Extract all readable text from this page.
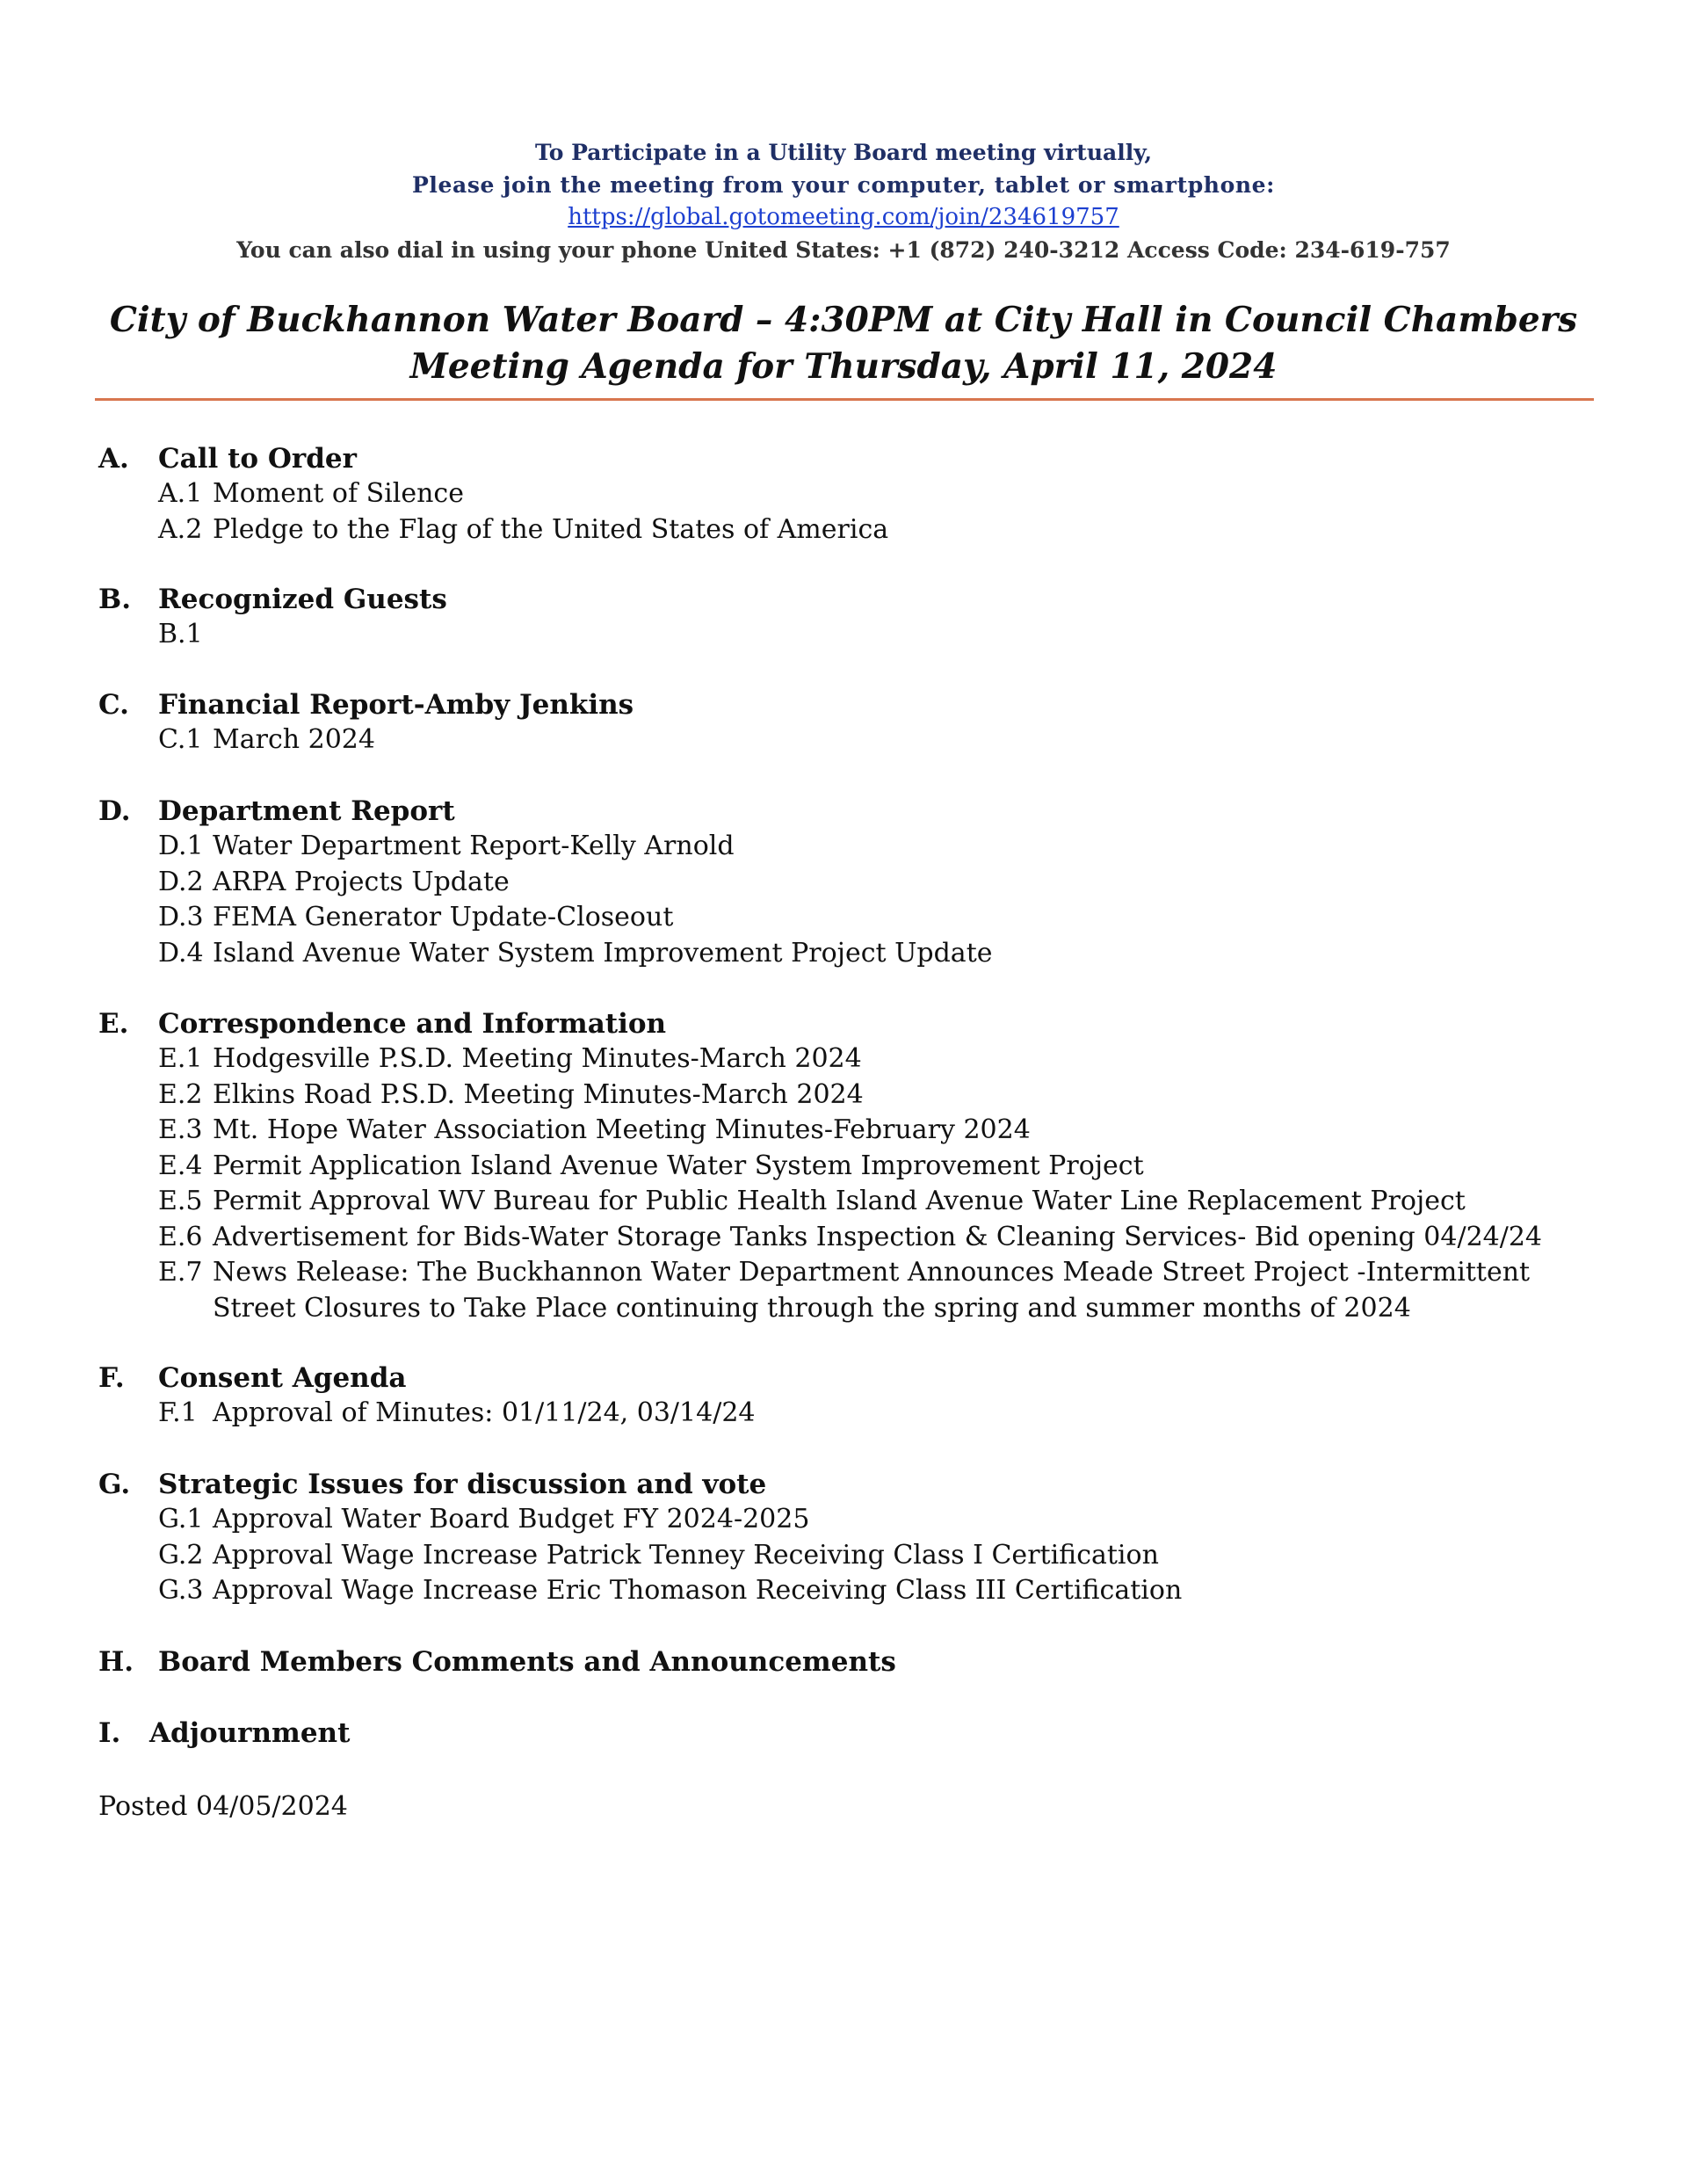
To Participate in a Utility Board meeting virtually,
Please join the meeting from your computer, tablet or smartphone:
https://global.gotomeeting.com/join/234619757
You can also dial in using your phone United States: +1 (872) 240-3212 Access Code: 234-619-757
City of Buckhannon Water Board – 4:30PM at City Hall in Council Chambers
Meeting Agenda for Thursday, April 11, 2024
A.	Call to Order
A.1 Moment of Silence
A.2 Pledge to the Flag of the United States of America
B.	Recognized Guests
B.1
C.	Financial Report-Amby Jenkins
C.1 March 2024
D.	Department Report
D.1 Water Department Report-Kelly Arnold
D.2 ARPA Projects Update
D.3 FEMA Generator Update-Closeout
D.4 Island Avenue Water System Improvement Project Update
E.	Correspondence and Information
E.1 Hodgesville P.S.D. Meeting Minutes-March 2024
E.2 Elkins Road P.S.D. Meeting Minutes-March 2024
E.3 Mt. Hope Water Association Meeting Minutes-February 2024
E.4 Permit Application Island Avenue Water System Improvement Project
E.5 Permit Approval WV Bureau for Public Health Island Avenue Water Line Replacement Project
E.6 Advertisement for Bids-Water Storage Tanks Inspection & Cleaning Services- Bid opening 04/24/24
E.7 News Release: The Buckhannon Water Department Announces Meade Street Project -Intermittent Street Closures to Take Place continuing through the spring and summer months of 2024
F.	Consent Agenda
F.1 Approval of Minutes: 01/11/24, 03/14/24
G.	Strategic Issues for discussion and vote
G.1 Approval Water Board Budget FY 2024-2025
G.2 Approval Wage Increase Patrick Tenney Receiving Class I Certification
G.3 Approval Wage Increase Eric Thomason Receiving Class III Certification
H. Board Members Comments and Announcements
I.	Adjournment
Posted 04/05/2024
